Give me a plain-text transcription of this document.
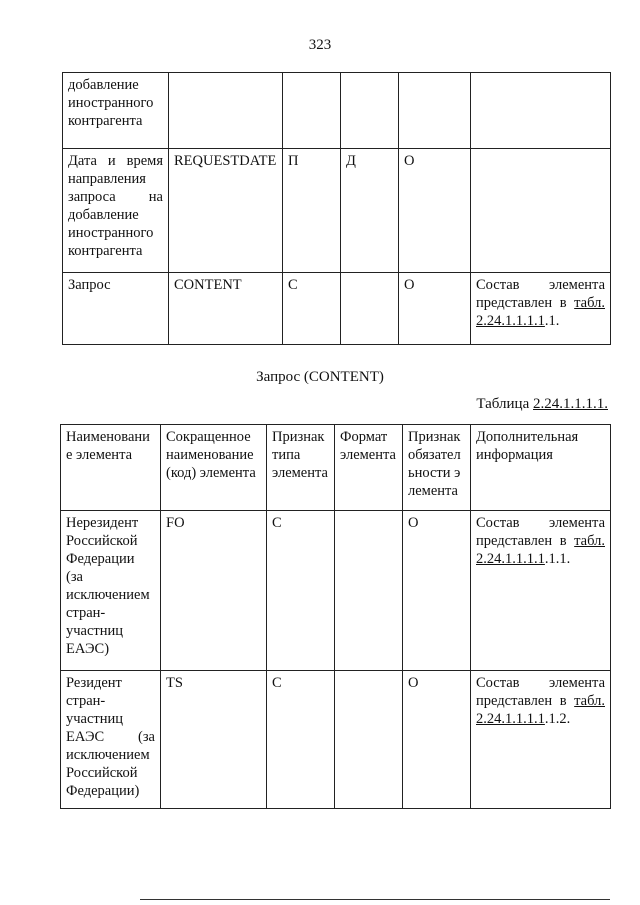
323
добавление иностранного контрагента					
Дата и время направления запроса на добавление иностранного контрагента	REQUESTDATE	П	Д	О	
Запрос	CONTENT	С		О	Состав элемента представлен в табл. 2.24.1.1.1.1.1.
Запрос (CONTENT)
Таблица 2.24.1.1.1.1.
Наименование элемента	Сокращенное наименование (код) элемента	Признак типа элемента	Формат элемента	Признак обязательности элемента	Дополнительная информация
Нерезидент Российской Федерации (за исключением стран-участниц ЕАЭС)	FO	С		О	Состав элемента представлен в табл. 2.24.1.1.1.1.1.1.
Резидент стран-участниц ЕАЭС (за исключением Российской Федерации)	TS	С		О	Состав элемента представлен в табл. 2.24.1.1.1.1.1.2.
